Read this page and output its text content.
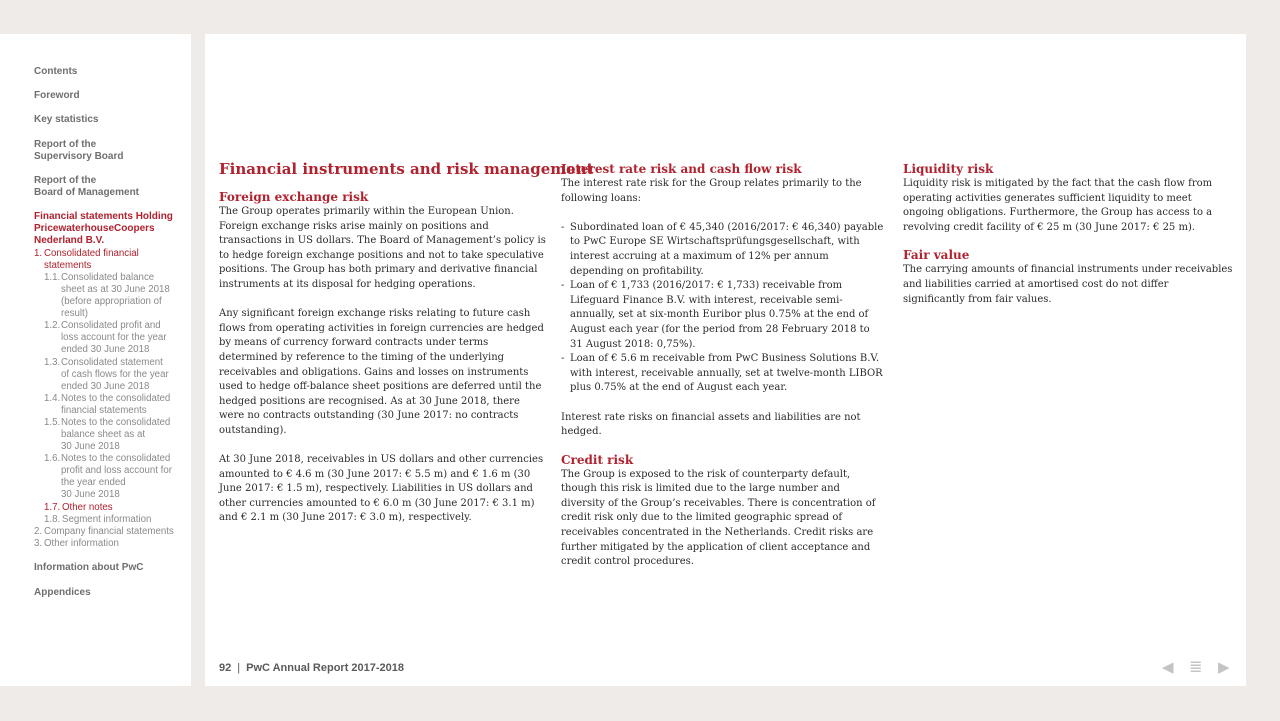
Contents
Foreword
Key statistics
Report of the
Supervisory Board
Report of the
Board of Management
Financial statements Holding
PricewaterhouseCoopers
Nederland B.V.
1. Consolidated financial
statements
1.1. Consolidated balance
sheet as at 30 June 2018
(before appropriation of
result)
1.2. Consolidated profit and
loss account for the year
ended 30 June 2018
1.3. Consolidated statement
of cash flows for the year
ended 30 June 2018
1.4. Notes to the consolidated
financial statements
1.5. Notes to the consolidated
balance sheet as at
30 June 2018
1.6. Notes to the consolidated
profit and loss account for
the year ended
30 June 2018
1.7. Other notes
1.8. Segment information
2. Company financial statements
3. Other information
Information about PwC
Appendices
Financial instruments and risk management
Foreign exchange risk

The Group operates primarily within the European Union. Foreign exchange risks arise mainly on positions and transactions in US dollars. The Board of Management’s policy is to hedge foreign exchange positions and not to take speculative positions. The Group has both primary and derivative financial instruments at its disposal for hedging operations.

Any significant foreign exchange risks relating to future cash flows from operating activities in foreign currencies are hedged by means of currency forward contracts under terms determined by reference to the timing of the underlying receivables and obligations. Gains and losses on instruments used to hedge off-balance sheet positions are deferred until the hedged positions are recognised. As at 30 June 2018, there were no contracts outstanding (30 June 2017: no contracts outstanding).

At 30 June 2018, receivables in US dollars and other currencies amounted to € 4.6 m (30 June 2017: € 5.5 m) and € 1.6 m (30 June 2017: € 1.5 m), respectively. Liabilities in US dollars and other currencies amounted to € 6.0 m (30 June 2017: € 3.1 m) and € 2.1 m (30 June 2017: € 3.0 m), respectively.

Interest rate risk and cash flow risk

The interest rate risk for the Group relates primarily to the following loans:

- Subordinated loan of € 45,340 (2016/2017: € 46,340) payable to PwC Europe SE Wirtschaftsprüfungsgesellschaft, with interest accruing at a maximum of 12% per annum depending on profitability.
- Loan of € 1,733 (2016/2017: € 1,733) receivable from Lifeguard Finance B.V. with interest, receivable semi-annually, set at six-month Euribor plus 0.75% at the end of August each year (for the period from 28 February 2018 to 31 August 2018: 0,75%).
- Loan of € 5.6 m receivable from PwC Business Solutions B.V. with interest, receivable annually, set at twelve-month LIBOR plus 0.75% at the end of August each year.

Interest rate risks on financial assets and liabilities are not hedged.

Credit risk

The Group is exposed to the risk of counterparty default, though this risk is limited due to the large number and diversity of the Group’s receivables. There is concentration of credit risk only due to the limited geographic spread of receivables concentrated in the Netherlands. Credit risks are further mitigated by the application of client acceptance and credit control procedures.

Liquidity risk

Liquidity risk is mitigated by the fact that the cash flow from operating activities generates sufficient liquidity to meet ongoing obligations. Furthermore, the Group has access to a revolving credit facility of € 25 m (30 June 2017: € 25 m).

Fair value

The carrying amounts of financial instruments under receivables and liabilities carried at amortised cost do not differ significantly from fair values.

92 | PwC Annual Report 2017-2018	◀ ≣ ▶
